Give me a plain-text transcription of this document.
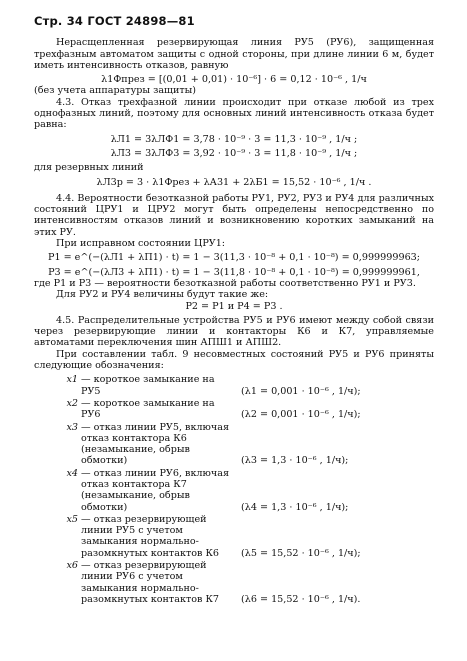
Стр. 34 ГОСТ 24898—81
Нерасщепленная резервирующая линия РУ5 (РУ6), защищенная трехфазным автоматом защиты с одной стороны, при длине линии 6 м, будет иметь интенсивность отказов, равную
λ1Фпрез = [(0,01 + 0,01) · 10⁻⁶] · 6 = 0,12 · 10⁻⁶ , 1/ч
(без учета аппаратуры защиты)
4.3. Отказ трехфазной линии происходит при отказе любой из трех однофазных линий, поэтому для основных линий интенсивность отказа будет равна:
λЛ1 = 3λЛФ1 = 3,78 · 10⁻⁹ · 3 = 11,3 · 10⁻⁹ , 1/ч ;
λЛ3 = 3λЛФ3 = 3,92 · 10⁻⁹ · 3 = 11,8 · 10⁻⁹ , 1/ч ;
для резервных линий
λЛ3р = 3 · λ1Фрез + λА31 + 2λБ1 = 15,52 · 10⁻⁶ , 1/ч .
4.4. Вероятности безотказной работы РУ1, РУ2, РУ3 и РУ4 для различных состояний ЦРУ1 и ЦРУ2 могут быть определены непосредственно по интенсивностям отказов линий и возникновению коротких замыканий на этих РУ.
При исправном состоянии ЦРУ1:
P1 = e^(−(λЛ1 + λП1) · t) = 1 − 3(11,3 · 10⁻⁸ + 0,1 · 10⁻⁸) = 0,999999963;
P3 = e^(−(λЛ3 + λП1) · t) = 1 − 3(11,8 · 10⁻⁸ + 0,1 · 10⁻⁸) = 0,999999961,
где P1 и P3 — вероятности безотказной работы соответственно РУ1 и РУ3.
Для РУ2 и РУ4 величины будут такие же:
P2 = P1 и P4 = P3 .
4.5. Распределительные устройства РУ5 и РУ6 имеют между собой связи через резервирующие линии и контакторы К6 и К7, управляемые автоматами переключения шин АПШ1 и АПШ2.
При составлении табл. 9 несовместных состояний РУ5 и РУ6 приняты следующие обозначения:
x1 — короткое замыкание на РУ5	(λ1 = 0,001 · 10⁻⁶ , 1/ч);
x2 — короткое замыкание на РУ6	(λ2 = 0,001 · 10⁻⁶ , 1/ч);
x3 — отказ линии РУ5, включая отказ контактора К6 (незамыкание, обрыв обмотки)	(λ3 = 1,3 · 10⁻⁶ , 1/ч);
x4 — отказ линии РУ6, включая отказ контактора К7 (незамыкание, обрыв обмотки)	(λ4 = 1,3 · 10⁻⁶ , 1/ч);
x5 — отказ резервирующей линии РУ5 с учетом замыкания нормально-разомкнутых контактов К6	(λ5 = 15,52 · 10⁻⁶ , 1/ч);
x6 — отказ резервирующей линии РУ6 с учетом замыкания нормально-разомкнутых контактов К7	(λ6 = 15,52 · 10⁻⁶ , 1/ч).
